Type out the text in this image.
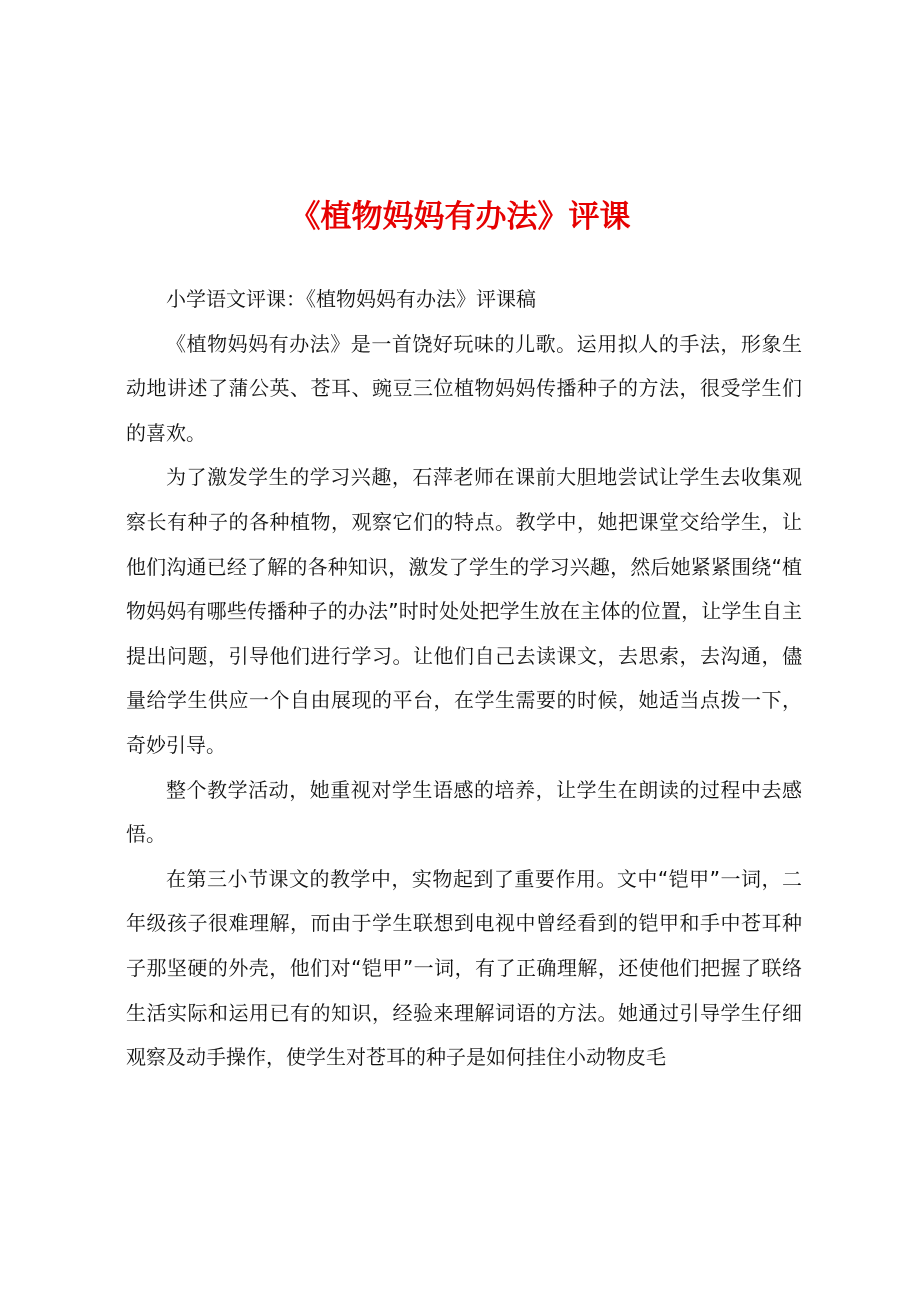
《植物妈妈有办法》评课

小学语文评课：《植物妈妈有办法》评课稿

《植物妈妈有办法》是一首饶好玩味的儿歌。运用拟人的手法，形象生动地讲述了蒲公英、苍耳、豌豆三位植物妈妈传播种子的方法，很受学生们的喜欢。

为了激发学生的学习兴趣，石萍老师在课前大胆地尝试让学生去收集观察长有种子的各种植物，观察它们的特点。教学中，她把课堂交给学生，让他们沟通已经了解的各种知识，激发了学生的学习兴趣，然后她紧紧围绕“植物妈妈有哪些传播种子的办法”时时处处把学生放在主体的位置，让学生自主提出问题，引导他们进行学习。让他们自己去读课文，去思索，去沟通，儘量给学生供应一个自由展现的平台，在学生需要的时候，她适当点拨一下，奇妙引导。

整个教学活动，她重视对学生语感的培养，让学生在朗读的过程中去感悟。

在第三小节课文的教学中，实物起到了重要作用。文中“铠甲”一词，二年级孩子很难理解，而由于学生联想到电视中曾经看到的铠甲和手中苍耳种子那坚硬的外壳，他们对“铠甲”一词，有了正确理解，还使他们把握了联络生活实际和运用已有的知识，经验来理解词语的方法。她通过引导学生仔细观察及动手操作，使学生对苍耳的种子是如何挂住小动物皮毛
